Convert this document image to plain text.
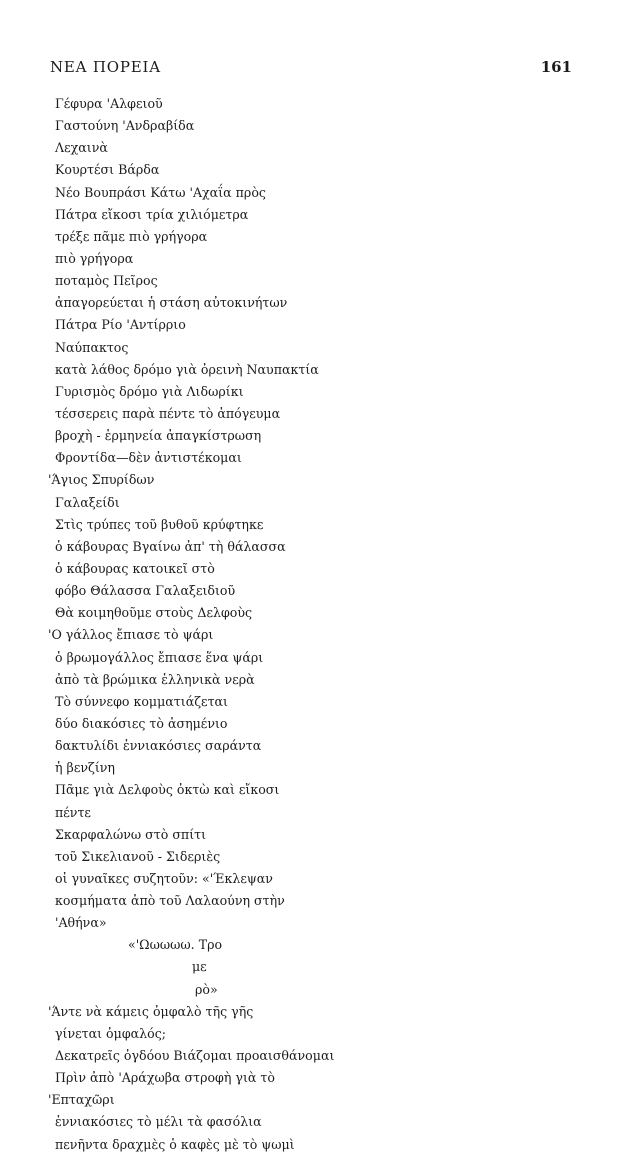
ΝΕΑ ΠΟΡΕΙΑ	161
Γέφυρα 'Αλφειοῦ
Γαστούνη 'Ανδραβίδα
Λεχαινὰ
Κουρτέσι Βάρδα
Νέο Βουπράσι Κάτω 'Αχαΐα πρὸς
Πάτρα εἴκοσι τρία χιλιόμετρα
τρέξε πᾶμε πιὸ γρήγορα
πιὸ γρήγορα
ποταμὸς Πεῖρος
ἀπαγορεύεται ἡ στάση αὐτοκινήτων
Πάτρα Ρίο 'Αντίρριο
Ναύπακτος
κατὰ λάθος δρόμο γιὰ ὀρεινὴ Ναυπακτία
Γυρισμὸς δρόμο γιὰ Λιδωρίκι
τέσσερεις παρὰ πέντε τὸ ἀπόγευμα
βροχὴ - ἑρμηνεία ἀπαγκίστρωση
Φροντίδα—δὲν ἀντιστέκομαι
'Άγιος Σπυρίδων
Γαλαξείδι
Στὶς τρύπες τοῦ βυθοῦ κρύφτηκε
ὁ κάβουρας Βγαίνω ἀπ' τὴ θάλασσα
ὁ κάβουρας κατοικεῖ στὸ
φόβο Θάλασσα Γαλαξειδιοῦ
Θὰ κοιμηθοῦμε στοὺς Δελφοὺς
'Ο γάλλος ἔπιασε τὸ ψάρι
ὁ βρωμογάλλος ἔπιασε ἕνα ψάρι
ἀπὸ τὰ βρώμικα ἑλληνικὰ νερὰ
Τὸ σύννεφο κομματιάζεται
δύο διακόσιες τὸ ἀσημένιο
δακτυλίδι ἐννιακόσιες σαράντα
ἡ βενζίνη
Πᾶμε γιὰ Δελφοὺς ὀκτὼ καὶ εἴκοσι
πέντε
Σκαρφαλώνω στὸ σπίτι
τοῦ Σικελιανοῦ - Σιδεριὲς
οἱ γυναῖκες συζητοῦν: «'Έκλεψαν
κοσμήματα ἀπὸ τοῦ Λαλαούνη στὴν
'Αθήνα»
«'Ωωωωω. Τρο
με
ρὸ»
'Άντε νὰ κάμεις ὀμφαλὸ τῆς γῆς
γίνεται ὀμφαλός;
Δεκατρεῖς ὀγδόου Βιάζομαι προαισθάνομαι
Πρὶν ἀπὸ 'Αράχωβα στροφὴ γιὰ τὸ
'Επταχῶρι
ἐννιακόσιες τὸ μέλι τὰ φασόλια
πενῆντα δραχμὲς ὁ καφὲς μὲ τὸ ψωμὶ
